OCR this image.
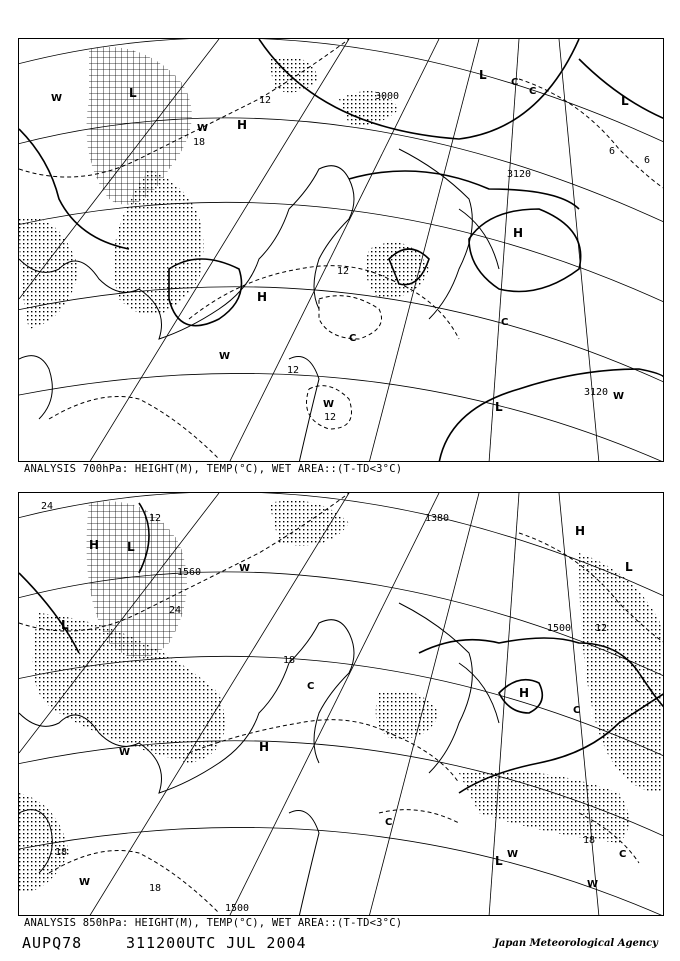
3000
3120
3120
12
12
12
12
18
6
6
H
H
H
L
L
L
L
W
W
W
W
W
C
C
C
C
ANALYSIS 700hPa: HEIGHT(M), TEMP(°C), WET AREA::(T-TD<3°C)
1500
1500
1560
1380
24
24
18
18
18
18
12
12
H
H
H
H L
L
L
L
W
W
W
W
W
C
C
C
C
ANALYSIS 850hPa: HEIGHT(M), TEMP(°C), WET AREA::(T-TD<3°C)
AUPQ78	311200UTC JUL 2004	Japan Meteorological Agency
